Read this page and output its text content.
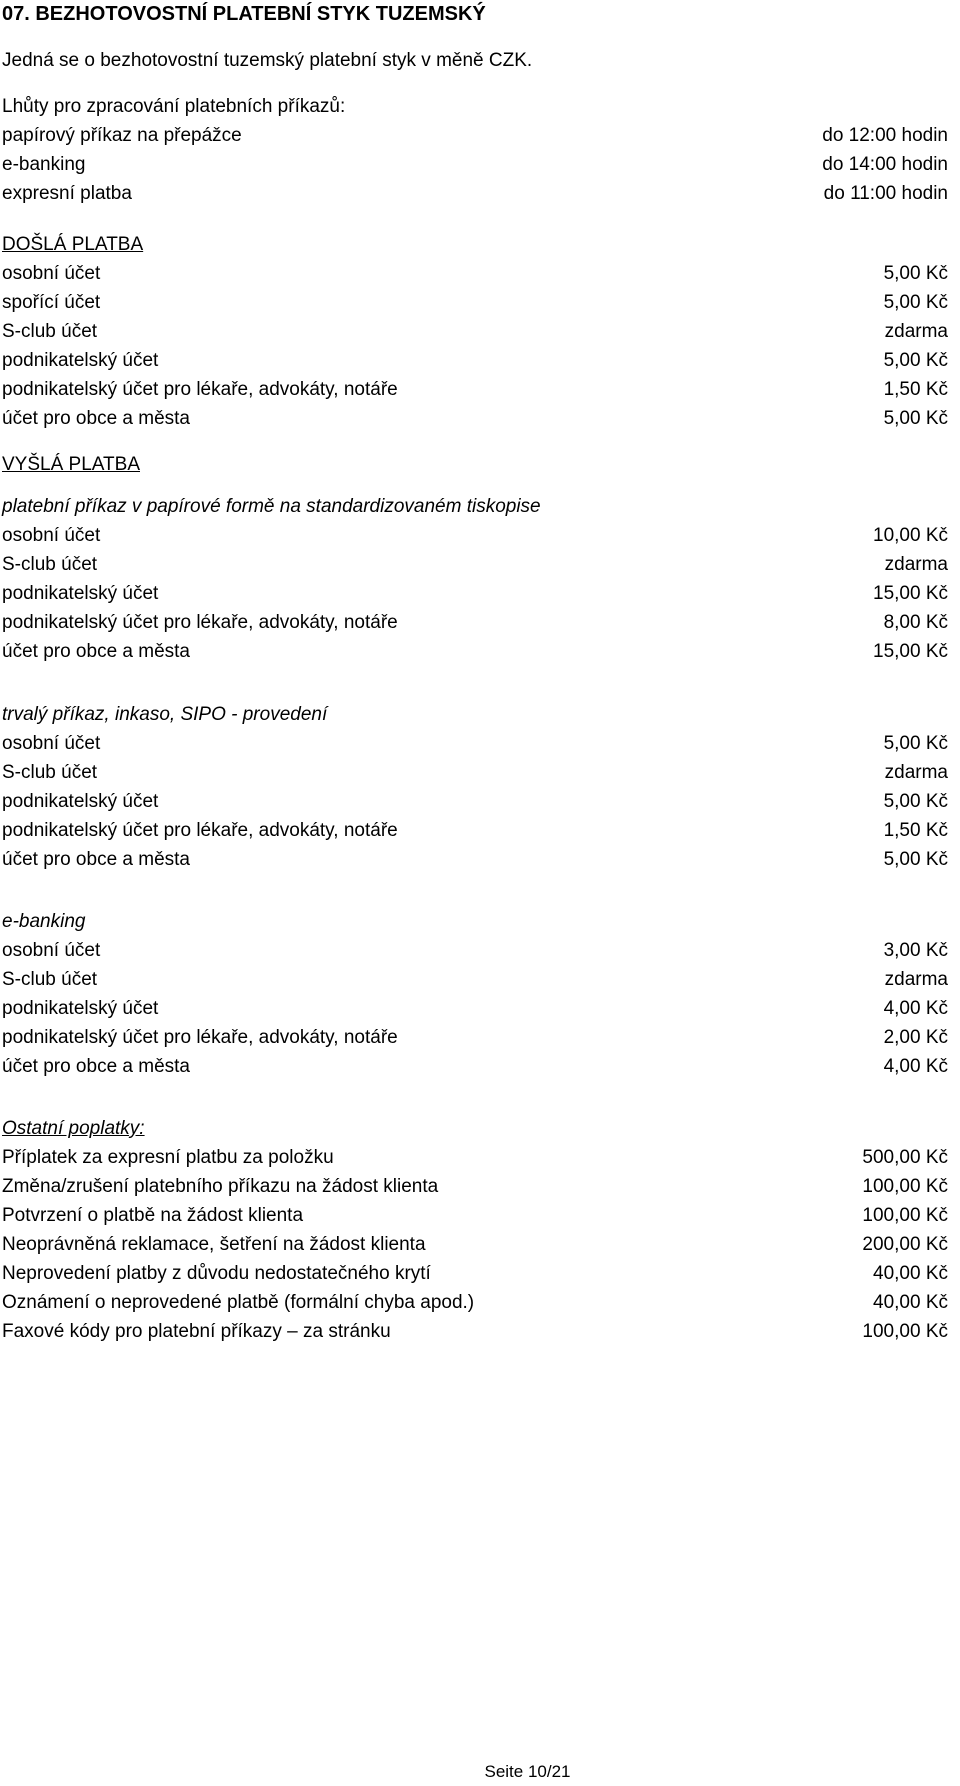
07. BEZHOTOVOSTNÍ PLATEBNÍ STYK TUZEMSKÝ
Jedná se o bezhotovostní tuzemský platební styk v měně CZK.
Lhůty pro zpracování platebních příkazů:
papírový příkaz na přepážce	do 12:00 hodin
e-banking	do 14:00 hodin
expresní platba	do 11:00 hodin
DOŠLÁ PLATBA
osobní účet	5,00 Kč
spořící účet	5,00 Kč
S-club účet	zdarma
podnikatelský účet	5,00 Kč
podnikatelský účet pro lékaře, advokáty, notáře	1,50 Kč
účet pro obce a města	5,00 Kč
VYŠLÁ PLATBA
platební příkaz v papírové formě na standardizovaném tiskopise
osobní účet	10,00 Kč
S-club účet	zdarma
podnikatelský účet	15,00 Kč
podnikatelský účet pro lékaře, advokáty, notáře	8,00 Kč
účet pro obce a města	15,00 Kč
trvalý příkaz, inkaso, SIPO - provedení
osobní účet	5,00 Kč
S-club účet	zdarma
podnikatelský účet	5,00 Kč
podnikatelský účet pro lékaře, advokáty, notáře	1,50 Kč
účet pro obce a města	5,00 Kč
e-banking
osobní účet	3,00 Kč
S-club účet	zdarma
podnikatelský účet	4,00 Kč
podnikatelský účet pro lékaře, advokáty, notáře	2,00 Kč
účet pro obce a města	4,00 Kč
Ostatní poplatky:
Příplatek za expresní platbu za položku	500,00 Kč
Změna/zrušení platebního příkazu na žádost klienta	100,00 Kč
Potvrzení o platbě na žádost klienta	100,00 Kč
Neoprávněná reklamace, šetření na žádost klienta	200,00 Kč
Neprovedení platby z důvodu nedostatečného krytí	40,00 Kč
Oznámení o neprovedené platbě (formální chyba apod.)	40,00 Kč
Faxové kódy pro platební příkazy – za stránku	100,00 Kč
Seite 10/21
